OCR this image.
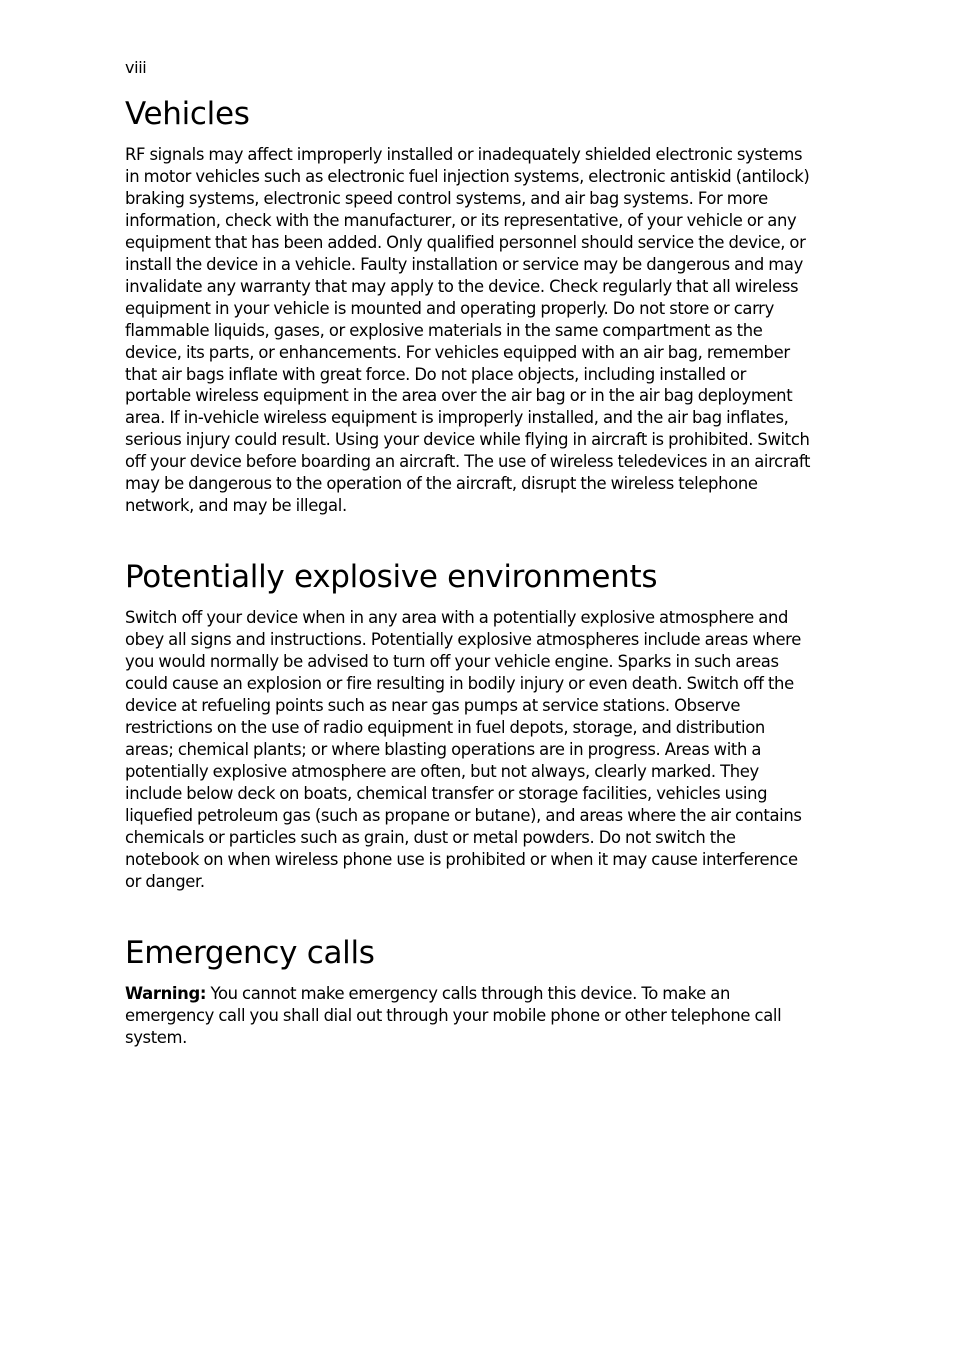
viii

Vehicles

RF signals may affect improperly installed or inadequately shielded electronic systems in motor vehicles such as electronic fuel injection systems, electronic antiskid (antilock) braking systems, electronic speed control systems, and air bag systems. For more information, check with the manufacturer, or its representative, of your vehicle or any equipment that has been added. Only qualified personnel should service the device, or install the device in a vehicle. Faulty installation or service may be dangerous and may invalidate any warranty that may apply to the device. Check regularly that all wireless equipment in your vehicle is mounted and operating properly. Do not store or carry flammable liquids, gases, or explosive materials in the same compartment as the device, its parts, or enhancements. For vehicles equipped with an air bag, remember that air bags inflate with great force. Do not place objects, including installed or portable wireless equipment in the area over the air bag or in the air bag deployment area. If in-vehicle wireless equipment is improperly installed, and the air bag inflates, serious injury could result. Using your device while flying in aircraft is prohibited. Switch off your device before boarding an aircraft. The use of wireless teledevices in an aircraft may be dangerous to the operation of the aircraft, disrupt the wireless telephone network, and may be illegal.

Potentially explosive environments

Switch off your device when in any area with a potentially explosive atmosphere and obey all signs and instructions. Potentially explosive atmospheres include areas where you would normally be advised to turn off your vehicle engine. Sparks in such areas could cause an explosion or fire resulting in bodily injury or even death. Switch off the device at refueling points such as near gas pumps at service stations. Observe restrictions on the use of radio equipment in fuel depots, storage, and distribution areas; chemical plants; or where blasting operations are in progress. Areas with a potentially explosive atmosphere are often, but not always, clearly marked. They include below deck on boats, chemical transfer or storage facilities, vehicles using liquefied petroleum gas (such as propane or butane), and areas where the air contains chemicals or particles such as grain, dust or metal powders. Do not switch the notebook on when wireless phone use is prohibited or when it may cause interference or danger.

Emergency calls

Warning: You cannot make emergency calls through this device. To make an emergency call you shall dial out through your mobile phone or other telephone call system.
